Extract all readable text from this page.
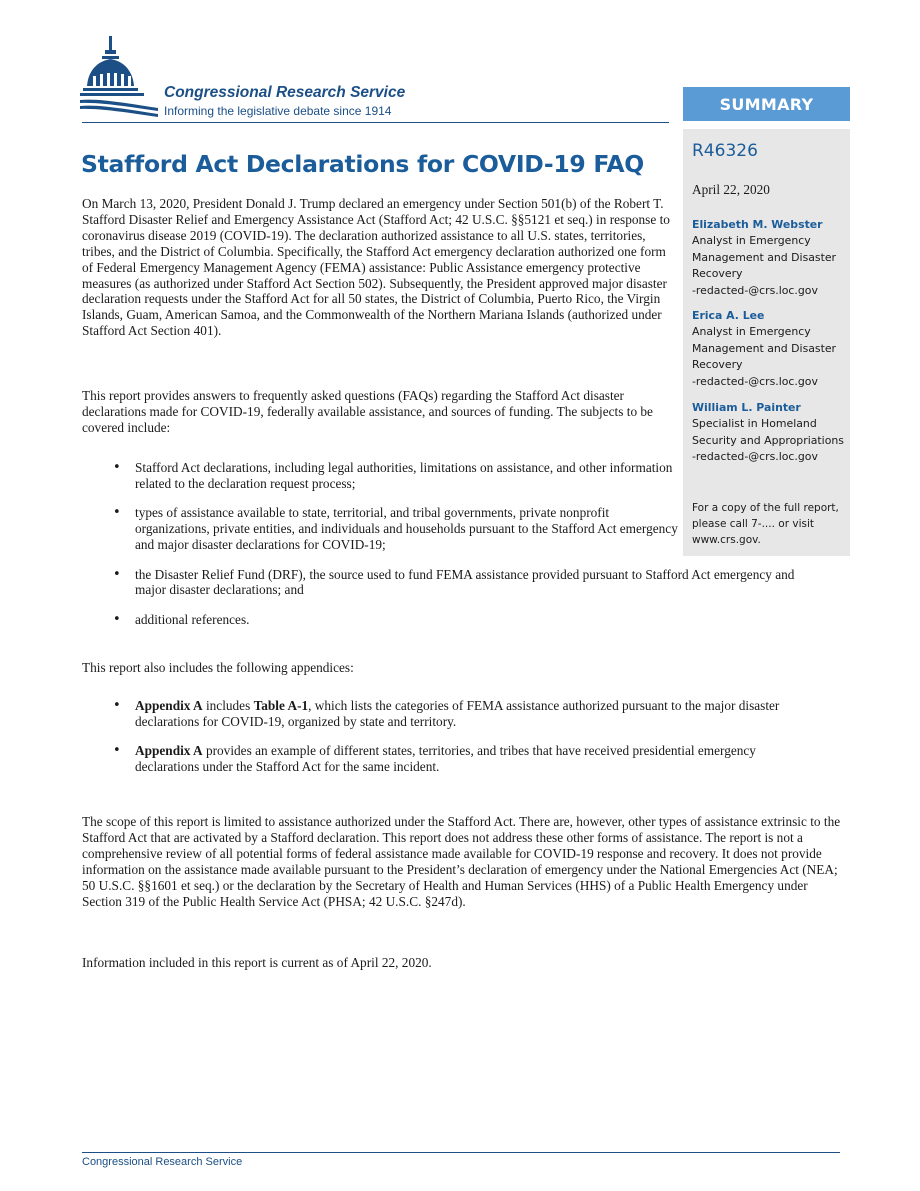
Congressional Research Service
Informing the legislative debate since 1914
Stafford Act Declarations for COVID-19 FAQ

On March 13, 2020, President Donald J. Trump declared an emergency under Section 501(b) of the Robert T. Stafford Disaster Relief and Emergency Assistance Act (Stafford Act; 42 U.S.C. §§5121 et seq.) in response to coronavirus disease 2019 (COVID-19). The declaration authorized assistance to all U.S. states, territories, tribes, and the District of Columbia. Specifically, the Stafford Act emergency declaration authorized one form of Federal Emergency Management Agency (FEMA) assistance: Public Assistance emergency protective measures (as authorized under Stafford Act Section 502). Subsequently, the President approved major disaster declaration requests under the Stafford Act for all 50 states, the District of Columbia, Puerto Rico, the Virgin Islands, Guam, American Samoa, and the Commonwealth of the Northern Mariana Islands (authorized under Stafford Act Section 401).

This report provides answers to frequently asked questions (FAQs) regarding the Stafford Act disaster declarations made for COVID-19, federally available assistance, and sources of funding. The subjects to be covered include:

• Stafford Act declarations, including legal authorities, limitations on assistance, and other information related to the declaration request process;
• types of assistance available to state, territorial, and tribal governments, private nonprofit organizations, private entities, and individuals and households pursuant to the Stafford Act emergency and major disaster declarations for COVID-19;
• the Disaster Relief Fund (DRF), the source used to fund FEMA assistance provided pursuant to Stafford Act emergency and major disaster declarations; and
• additional references.

This report also includes the following appendices:

• Appendix A includes Table A-1, which lists the categories of FEMA assistance authorized pursuant to the major disaster declarations for COVID-19, organized by state and territory.
• Appendix A provides an example of different states, territories, and tribes that have received presidential emergency declarations under the Stafford Act for the same incident.

The scope of this report is limited to assistance authorized under the Stafford Act. There are, however, other types of assistance extrinsic to the Stafford Act that are activated by a Stafford declaration. This report does not address these other forms of assistance. The report is not a comprehensive review of all potential forms of federal assistance made available for COVID-19 response and recovery. It does not provide information on the assistance made available pursuant to the President’s declaration of emergency under the National Emergencies Act (NEA; 50 U.S.C. §§1601 et seq.) or the declaration by the Secretary of Health and Human Services (HHS) of a Public Health Emergency under Section 319 of the Public Health Service Act (PHSA; 42 U.S.C. §247d).

Information included in this report is current as of April 22, 2020.

SUMMARY
R46326
April 22, 2020
Elizabeth M. Webster
Analyst in Emergency Management and Disaster Recovery
-redacted-@crs.loc.gov
Erica A. Lee
Analyst in Emergency Management and Disaster Recovery
-redacted-@crs.loc.gov
William L. Painter
Specialist in Homeland Security and Appropriations
-redacted-@crs.loc.gov
For a copy of the full report, please call 7-.... or visit www.crs.gov.
Congressional Research Service
